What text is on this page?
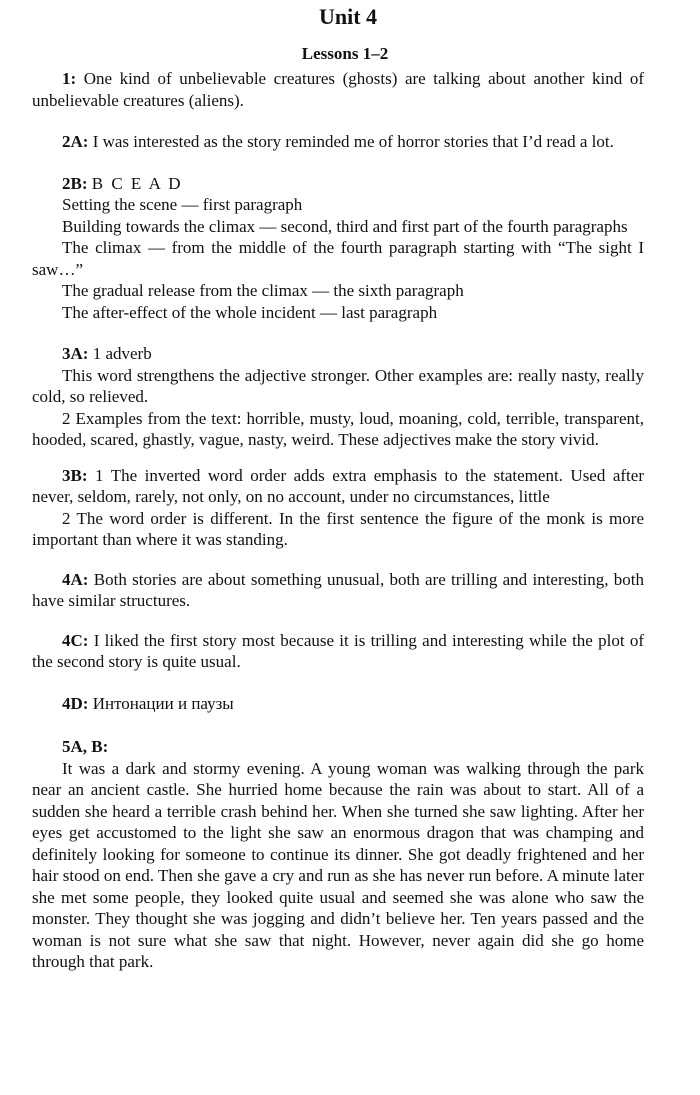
Unit 4
Lessons 1–2

1: One kind of unbelievable creatures (ghosts) are talking about another kind of unbelievable creatures (aliens).

2A: I was interested as the story reminded me of horror stories that I’d read a lot.

2B: B C E A D

Setting the scene — first paragraph

Building towards the climax — second, third and first part of the fourth paragraphs

The climax — from the middle of the fourth paragraph starting with “The sight I saw…”

The gradual release from the climax — the sixth paragraph

The after-effect of the whole incident — last paragraph

3A: 1 adverb

This word strengthens the adjective stronger. Other examples are: really nasty, really cold, so relieved.

2 Examples from the text: horrible, musty, loud, moaning, cold, terrible, transparent, hooded, scared, ghastly, vague, nasty, weird. These adjectives make the story vivid.

3B: 1 The inverted word order adds extra emphasis to the statement. Used after never, seldom, rarely, not only, on no account, under no circumstances, little

2 The word order is different. In the first sentence the figure of the monk is more important than where it was standing.

4A: Both stories are about something unusual, both are trilling and interesting, both have similar structures.

4C: I liked the first story most because it is trilling and interesting while the plot of the second story is quite usual.

4D: Интонации и паузы

5A, B:

It was a dark and stormy evening. A young woman was walking through the park near an ancient castle. She hurried home because the rain was about to start. All of a sudden she heard a terrible crash behind her. When she turned she saw lighting. After her eyes get accustomed to the light she saw an enormous dragon that was champing and definitely looking for someone to continue its dinner. She got deadly frightened and her hair stood on end. Then she gave a cry and run as she has never run before. A minute later she met some people, they looked quite usual and seemed she was alone who saw the monster. They thought she was jogging and didn’t believe her. Ten years passed and the woman is not sure what she saw that night. However, never again did she go home through that park.
